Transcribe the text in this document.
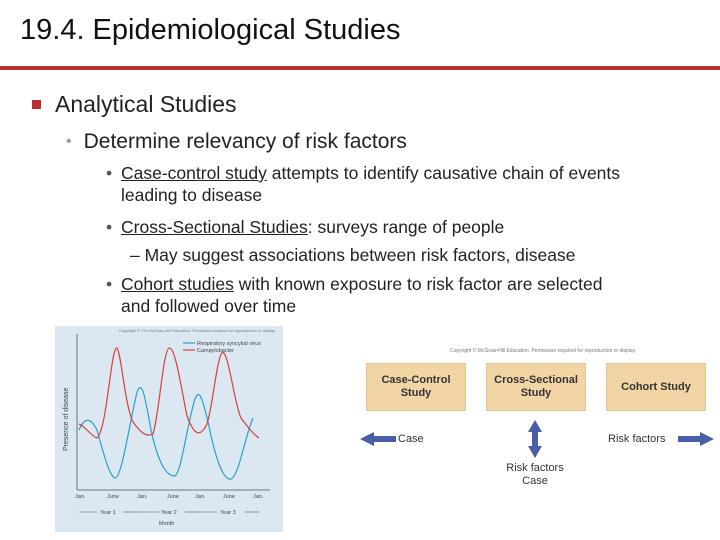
19.4. Epidemiological Studies
Analytical Studies
• Determine relevancy of risk factors
• Case-control study attempts to identify causative chain of events
leading to disease
• Cross-Sectional Studies: surveys range of people
– May suggest associations between risk factors, disease
• Cohort studies with known exposure to risk factor are selected
and followed over time
Copyright © The McGraw-Hill Education. Permission required for reproduction or display.
Respiratory syncytial virus
Campylobacter
Presence of disease
Jan.	June	Jan.	June	Jan.	June	Jan.
Year 1	Year 2	Year 3
Month
Copyright © McGraw-Hill Education. Permission required for reproduction or display.
Case-Control Study
Cross-Sectional Study
Cohort Study
Case	Risk factors
Risk factors
Case
